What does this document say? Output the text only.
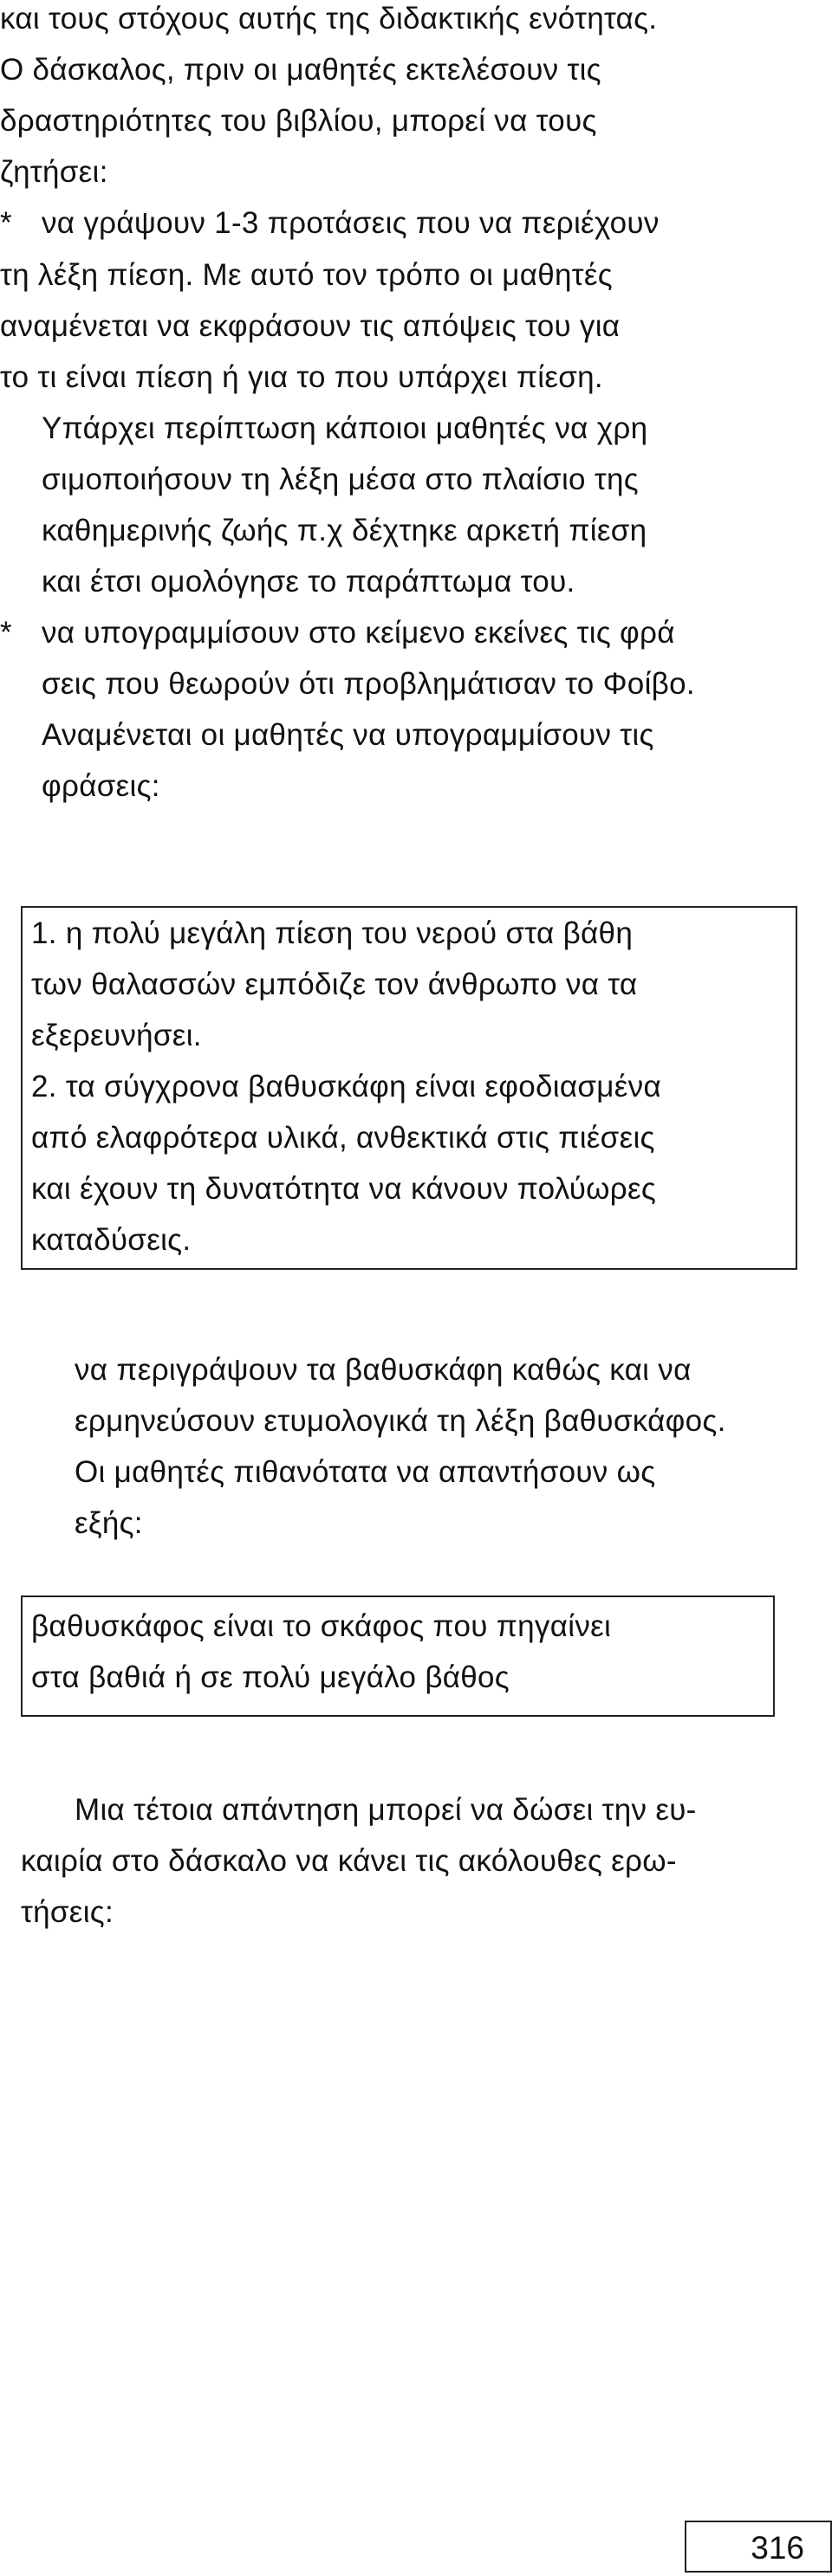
και τους στόχους αυτής της διδακτικής ενότητας.
Ο δάσκαλος, πριν οι μαθητές εκτελέσουν τις
δραστηριότητες του βιβλίου, μπορεί να τους
ζητήσει:
* να γράψουν 1-3 προτάσεις που να περιέχουν
τη λέξη πίεση. Με αυτό τον τρόπο οι μαθητές
αναμένεται να εκφράσουν τις απόψεις του για
το τι είναι πίεση ή για το που υπάρχει πίεση.
Υπάρχει περίπτωση κάποιοι μαθητές να χρη
σιμοποιήσουν τη λέξη μέσα στο πλαίσιο της
καθημερινής ζωής π.χ δέχτηκε αρκετή πίεση
και έτσι ομολόγησε το παράπτωμα του.
* να υπογραμμίσουν στο κείμενο εκείνες τις φρά
σεις που θεωρούν ότι προβλημάτισαν το Φοίβο.
Αναμένεται οι μαθητές να υπογραμμίσουν τις
φράσεις:
1. η πολύ μεγάλη πίεση του νερού στα βάθη
των θαλασσών εμπόδιζε τον άνθρωπο να τα
εξερευνήσει.
2. τα σύγχρονα βαθυσκάφη είναι εφοδιασμένα
από ελαφρότερα υλικά, ανθεκτικά στις πιέσεις
και έχουν τη δυνατότητα να κάνουν πολύωρες
καταδύσεις.
να περιγράψουν τα βαθυσκάφη καθώς και να
ερμηνεύσουν ετυμολογικά τη λέξη βαθυσκάφος.
Οι μαθητές πιθανότατα να απαντήσουν ως
εξής:
βαθυσκάφος είναι το σκάφος που πηγαίνει
στα βαθιά ή σε πολύ μεγάλο βάθος
Μια τέτοια απάντηση μπορεί να δώσει την ευ-
καιρία στο δάσκαλο να κάνει τις ακόλουθες ερω-
τήσεις:
316
